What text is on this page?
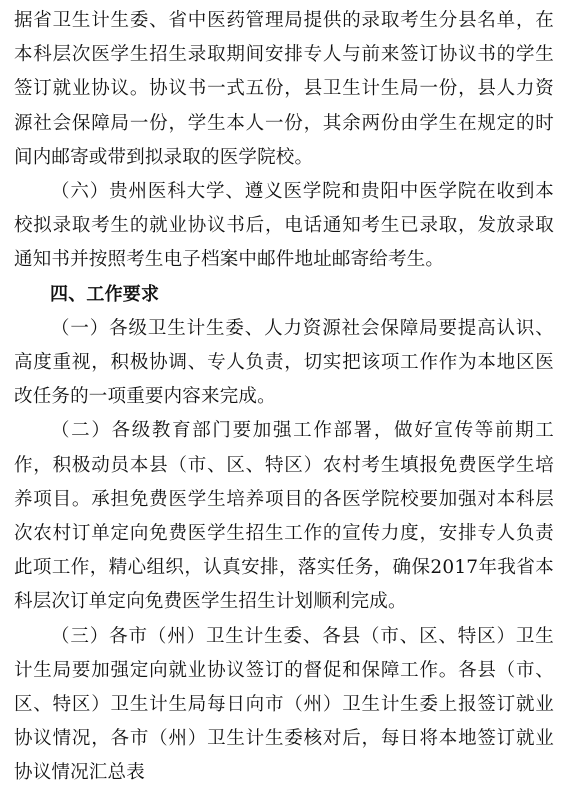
据省卫生计生委、省中医药管理局提供的录取考生分县名单，在本科层次医学生招生录取期间安排专人与前来签订协议书的学生签订就业协议。协议书一式五份，县卫生计生局一份，县人力资源社会保障局一份，学生本人一份，其余两份由学生在规定的时间内邮寄或带到拟录取的医学院校。

（六）贵州医科大学、遵义医学院和贵阳中医学院在收到本校拟录取考生的就业协议书后，电话通知考生已录取，发放录取通知书并按照考生电子档案中邮件地址邮寄给考生。

四、工作要求

（一）各级卫生计生委、人力资源社会保障局要提高认识、高度重视，积极协调、专人负责，切实把该项工作作为本地区医改任务的一项重要内容来完成。

（二）各级教育部门要加强工作部署，做好宣传等前期工作，积极动员本县（市、区、特区）农村考生填报免费医学生培养项目。承担免费医学生培养项目的各医学院校要加强对本科层次农村订单定向免费医学生招生工作的宣传力度，安排专人负责此项工作，精心组织，认真安排，落实任务，确保2017年我省本科层次订单定向免费医学生招生计划顺利完成。

（三）各市（州）卫生计生委、各县（市、区、特区）卫生计生局要加强定向就业协议签订的督促和保障工作。各县（市、区、特区）卫生计生局每日向市（州）卫生计生委上报签订就业协议情况，各市（州）卫生计生委核对后，每日将本地签订就业协议情况汇总表
